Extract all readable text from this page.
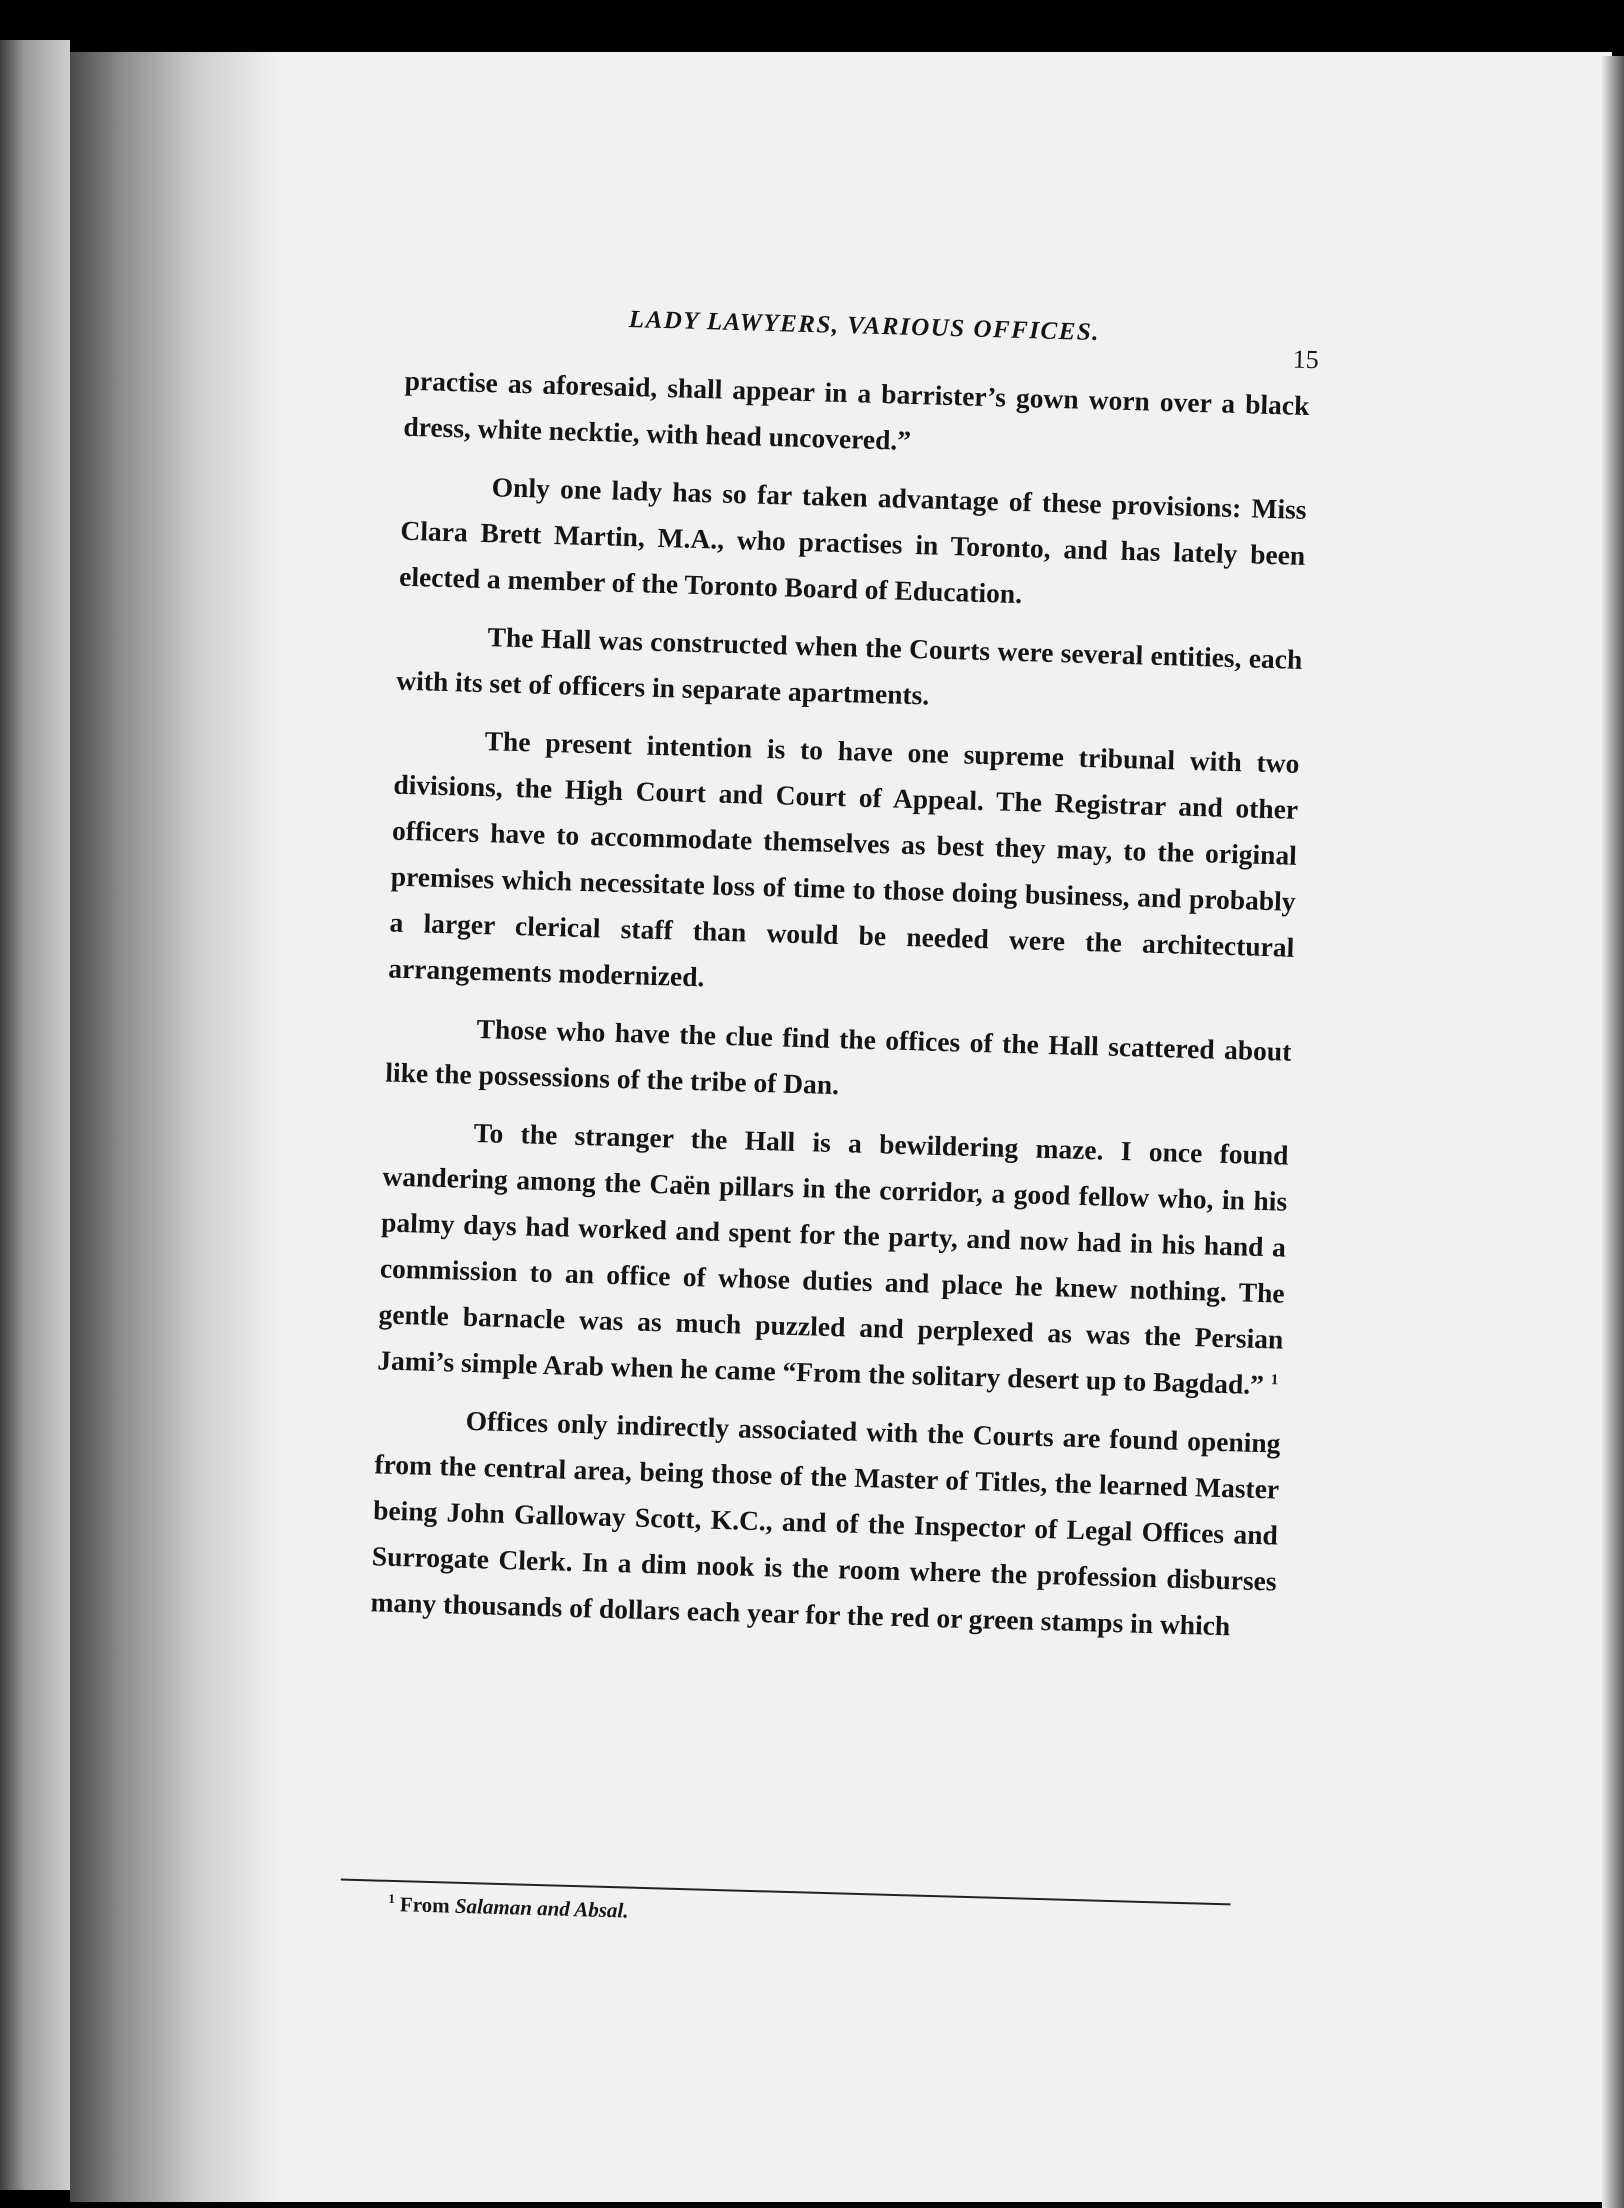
LADY LAWYERS, VARIOUS OFFICES.
15

practise as aforesaid, shall appear in a barrister’s gown worn over a black dress, white necktie, with head uncovered.”

Only one lady has so far taken advantage of these provisions: Miss Clara Brett Martin, M.A., who practises in Toronto, and has lately been elected a member of the Toronto Board of Education.

The Hall was constructed when the Courts were several entities, each with its set of officers in separate apartments.

The present intention is to have one supreme tribunal with two divisions, the High Court and Court of Appeal. The Registrar and other officers have to accommodate themselves as best they may, to the original premises which necessitate loss of time to those doing business, and probably a larger clerical staff than would be needed were the architectural arrangements modernized.

Those who have the clue find the offices of the Hall scattered about like the possessions of the tribe of Dan.

To the stranger the Hall is a bewildering maze. I once found wandering among the Caën pillars in the corridor, a good fellow who, in his palmy days had worked and spent for the party, and now had in his hand a commission to an office of whose duties and place he knew nothing. The gentle barnacle was as much puzzled and perplexed as was the Persian Jami’s simple Arab when he came “From the solitary desert up to Bagdad.” $^1$

Offices only indirectly associated with the Courts are found opening from the central area, being those of the Master of Titles, the learned Master being John Galloway Scott, K.C., and of the Inspector of Legal Offices and Surrogate Clerk. In a dim nook is the room where the profession disburses many thousands of dollars each year for the red or green stamps in which

$^1$ From Salaman and Absal.
